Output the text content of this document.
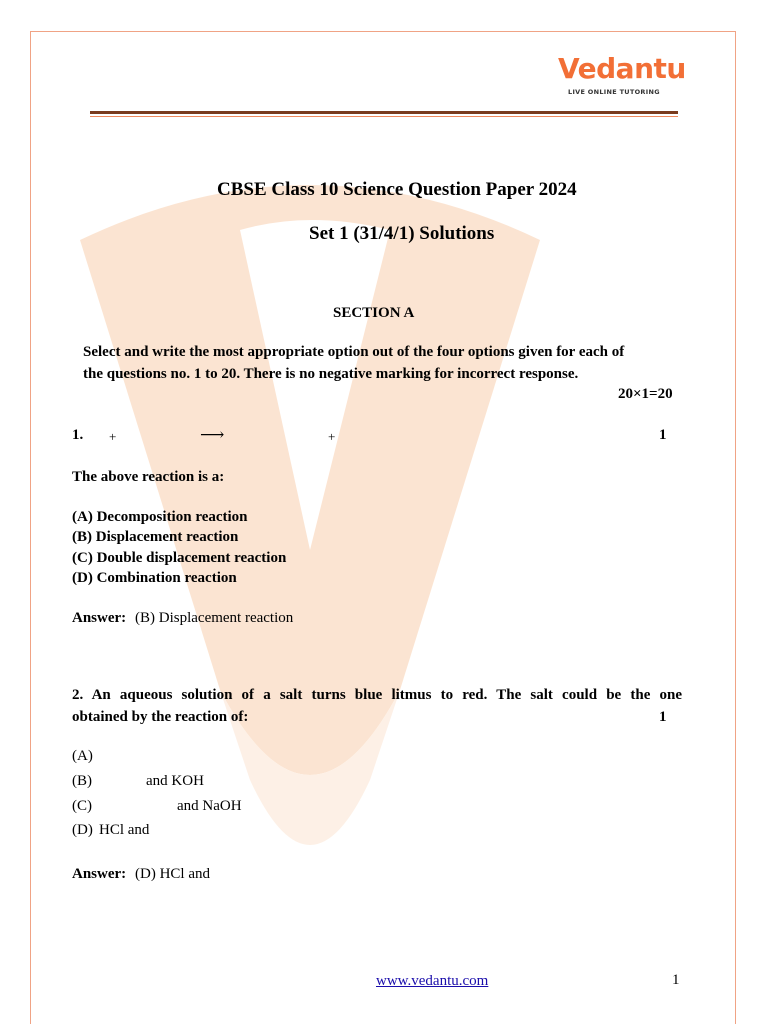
Vedantu
LIVE ONLINE TUTORING
CBSE Class 10 Science Question Paper 2024
Set 1 (31/4/1) Solutions
SECTION A
Select and write the most appropriate option out of the four options given for each of
the questions no. 1 to 20. There is no negative marking for incorrect response.
20×1=20
1. +	⟶	+	1
The above reaction is a:
(A) Decomposition reaction
(B) Displacement reaction
(C) Double displacement reaction
(D) Combination reaction
Answer: (B) Displacement reaction
2. An aqueous solution of a salt turns blue litmus to red. The salt could be the one
obtained by the reaction of:	1
(A)
(B)	and KOH
(C)	and NaOH
(D) HCl and
Answer: (D) HCl and
www.vedantu.com	1
